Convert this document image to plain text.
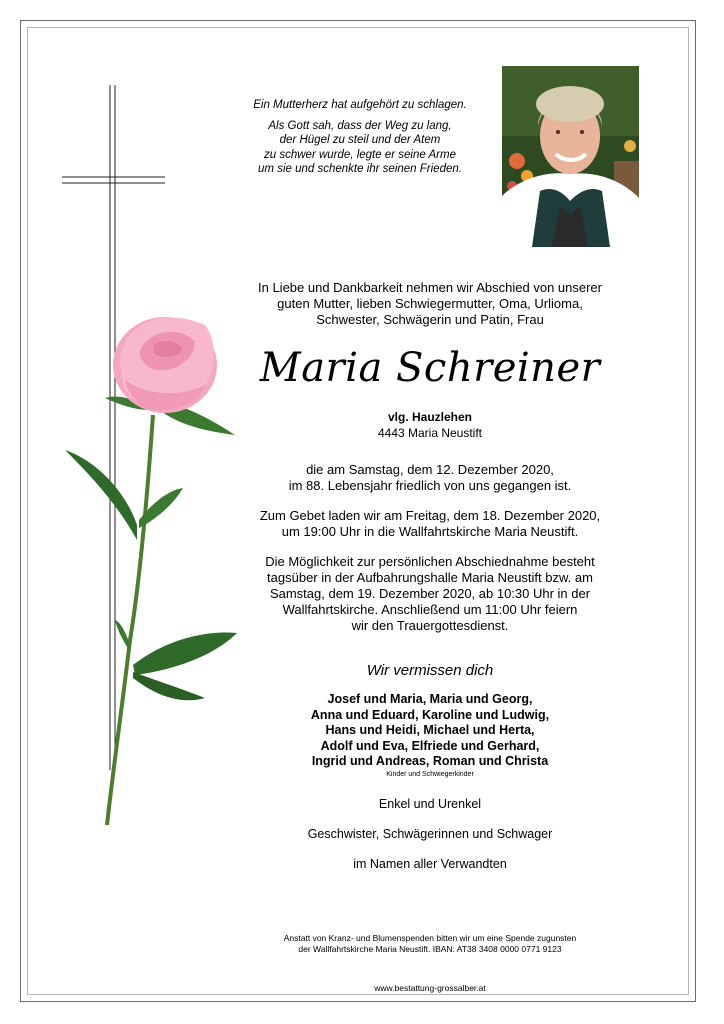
Ein Mutterherz hat aufgehört zu schlagen.
Als Gott sah, dass der Weg zu lang,
der Hügel zu steil und der Atem
zu schwer wurde, legte er seine Arme
um sie und schenkte ihr seinen Frieden.
In Liebe und Dankbarkeit nehmen wir Abschied von unserer
guten Mutter, lieben Schwiegermutter, Oma, Urlioma,
Schwester, Schwägerin und Patin, Frau
Maria Schreiner
vlg. Hauzlehen
4443 Maria Neustift
die am Samstag, dem 12. Dezember 2020,
im 88. Lebensjahr friedlich von uns gegangen ist.
Zum Gebet laden wir am Freitag, dem 18. Dezember 2020,
um 19:00 Uhr in die Wallfahrtskirche Maria Neustift.
Die Möglichkeit zur persönlichen Abschiednahme besteht
tagsüber in der Aufbahrungshalle Maria Neustift bzw. am
Samstag, dem 19. Dezember 2020, ab 10:30 Uhr in der
Wallfahrtskirche. Anschließend um 11:00 Uhr feiern
wir den Trauergottesdienst.
Wir vermissen dich
Josef und Maria, Maria und Georg,
Anna und Eduard, Karoline und Ludwig,
Hans und Heidi, Michael und Herta,
Adolf und Eva, Elfriede und Gerhard,
Ingrid und Andreas, Roman und Christa
Kinder und Schwiegerkinder
Enkel und Urenkel
Geschwister, Schwägerinnen und Schwager
im Namen aller Verwandten
Anstatt von Kranz- und Blumenspenden bitten wir um eine Spende zugunsten
der Wallfahrtskirche Maria Neustift. IBAN: AT38 3408 0000 0771 9123
www.bestattung-grossalber.at
